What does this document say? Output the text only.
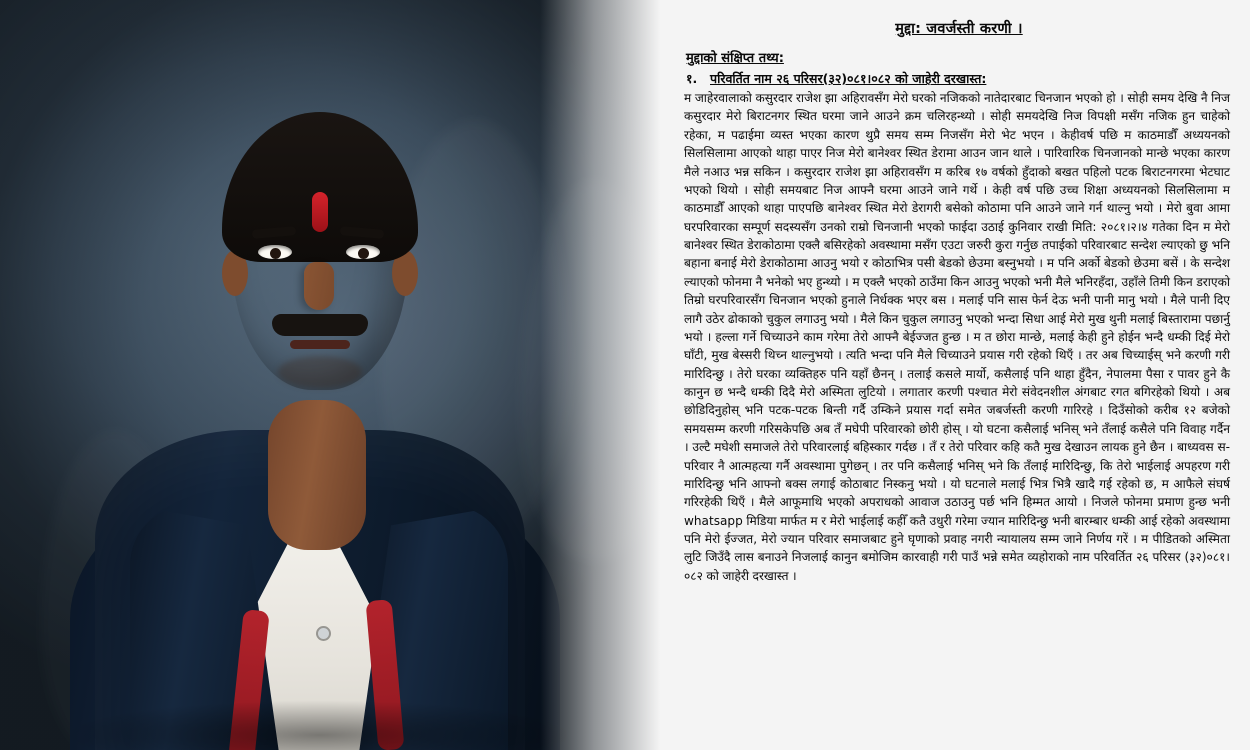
मुद्दा: जवर्जस्ती करणी ।
मुद्दाको संक्षिप्त तथ्य:
१.	परिवर्तित नाम २६ परिसर(३२)०८१।०८२ को जाहेरी दरखास्त:

म जाहेरवालाको कसुरदार राजेश झा अहिरावसँग मेरो घरको नजिकको नातेदारबाट चिनजान भएको हो । सोही समय देखि नै निज कसुरदार मेरो बिराटनगर स्थित घरमा जाने आउने क्रम चलिरहन्थ्यो । सोही समयदेखि निज विपक्षी मसँग नजिक हुन चाहेको रहेका, म पढाईमा व्यस्त भएका कारण थुप्रै समय सम्म निजसँग मेरो भेट भएन । केहीवर्ष पछि म काठमाडौँ अध्ययनको सिलसिलामा आएको थाहा पाएर निज मेरो बानेश्वर स्थित डेरामा आउन जान थाले । पारिवारिक चिनजानको मान्छे भएका कारण मैले नआउ भन्न सकिन । कसुरदार राजेश झा अहिरावसँग म करिब १७ वर्षको हुँदाको बखत पहिलो पटक बिराटनगरमा भेटघाट भएको थियो । सोही समयबाट निज आफ्नै घरमा आउने जाने गर्थे । केही वर्ष पछि उच्च शिक्षा अध्ययनको सिलसिलामा म काठमाडौँ आएको थाहा पाएपछि बानेश्वर स्थित मेरो डेरागरी बसेको कोठामा पनि आउने जाने गर्न थाल्नु भयो । मेरो बुवा आमा घरपरिवारका सम्पूर्ण सदस्यसँग उनको राम्रो चिनजानी भएको फाईदा उठाई कुनिवार राखी मिति: २०८१।२।४ गतेका दिन म मेरो बानेश्वर स्थित डेराकोठामा एक्लै बसिरहेको अवस्थामा मसँग एउटा जरुरी कुरा गर्नुछ तपाईको परिवारबाट सन्देश ल्याएको छु भनि बहाना बनाई मेरो डेराकोठामा आउनु भयो र कोठाभित्र पसी बेडको छेउमा बस्नुभयो । म पनि अर्को बेडको छेउमा बसें । के सन्देश ल्याएको फोनमा नै भनेको भए हुन्थ्यो । म एक्लै भएको ठाउँमा किन आउनु भएको भनी मैले भनिरहँदा, उहाँले तिमी किन डराएको तिम्रो घरपरिवारसँग चिनजान भएको हुनाले निर्धक्क भएर बस । मलाई पनि सास फेर्न देऊ भनी पानी मानु भयो । मैले पानी दिए लागै उठेर ढोकाको चुकुल लगाउनु भयो । मैले किन चुकुल लगाउनु भएको भन्दा सिधा आई मेरो मुख थुनी मलाई बिस्तारामा पछार्नु भयो । हल्ला गर्ने चिच्याउने काम गरेमा तेरो आफ्नै बेईज्जत हुन्छ । म त छोरा मान्छे, मलाई केही हुने होईन भन्दै धम्की दिई मेरो घाँटी, मुख बेस्सरी थिच्न थाल्नुभयो । त्यति भन्दा पनि मैले चिच्याउने प्रयास गरी रहेको थिएँ । तर अब चिच्याईस् भने करणी गरी मारिदिन्छु । तेरो घरका व्यक्तिहरु पनि यहाँ छैनन् । तलाई कसले मार्यो, कसैलाई पनि थाहा हुँदैन, नेपालमा पैसा र पावर हुने कै कानुन छ भन्दै धम्की दिदै मेरो अस्मिता लुटियो । लगातार करणी पश्चात मेरो संवेदनशील अंगबाट रगत बगिरहेको थियो । अब छोडिदिनुहोस् भनि पटक-पटक बिन्ती गर्दै उम्किने प्रयास गर्दा समेत जबर्जस्ती करणी गारिरहे । दिउँसोको करीब १२ बजेको समयसम्म करणी गरिसकेपछि अब तँ मघेपी परिवारको छोरी होस् । यो घटना कसैलाई भनिस् भने तँलाई कसैले पनि विवाह गर्दैन । उल्टै मघेशी समाजले तेरो परिवारलाई बहिस्कार गर्दछ । तँ र तेरो परिवार कहि कतै मुख देखाउन लायक हुने छैन । बाध्यवस स-परिवार नै आत्महत्या गर्नै अवस्थामा पुगेछन् । तर पनि कसैलाई भनिस् भने कि तँलाई मारिदिन्छु, कि तेरो भाईलाई अपहरण गरी मारिदिन्छु भनि आफ्नो बक्स लगाई कोठाबाट निस्कनु भयो । यो घटनाले मलाई भित्र भित्रै खादै गई रहेको छ, म आफैले संघर्ष गरिरहेकी थिएँ । मैले आफूमाथि भएको अपराधको आवाज उठाउनु पर्छ भनि हिम्मत आयो । निजले फोनमा प्रमाण हुन्छ भनी whatsapp मिडिया मार्फत म र मेरो भाईलाई कहीँ कतै उधुरी गरेमा ज्यान मारिदिन्छु भनी बारम्बार धम्की आई रहेको अवस्थामा पनि मेरो ईज्जत, मेरो ज्यान परिवार समाजबाट हुने घृणाको प्रवाह नगरी न्यायालय सम्म जाने निर्णय गरें । म पीडितको अस्मिता लुटि जिउँदै लास बनाउने निजलाई कानुन बमोजिम कारवाही गरी पाउँ भन्ने समेत व्यहोराको नाम परिवर्तित २६ परिसर (३२)०८१।०८२ को जाहेरी दरखास्त ।
